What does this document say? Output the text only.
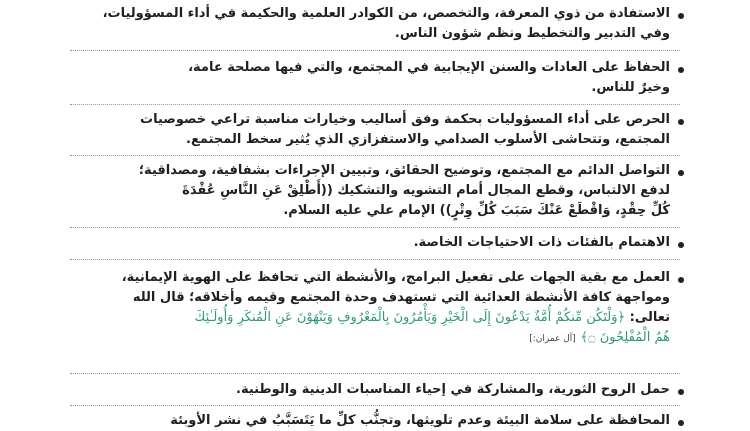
الاستفادة من ذوي المعرفة، والتخصص، من الكوادر العلمية والحكيمة في أداء المسؤوليات،
وفي التدبير والتخطيط ونظم شؤون الناس.
الحفاظ على العادات والسنن الإيجابية في المجتمع، والتي فيها مصلحة عامة،
وخيرٌ للناس.
الحرص على أداء المسؤوليات بحكمة وفق أساليب وخيارات مناسبة تراعي خصوصيات
المجتمع، وتتحاشى الأسلوب الصدامي والاستفزازي الذي يُثير سخط المجتمع.
التواصل الدائم مع المجتمع، وتوضيح الحقائق، وتبيين الإجراءات بشفافية، ومصداقية؛
لدفع الالتباس، وقطع المجال أمام التشويه والتشكيك ((أَطْلِقْ عَنِ النَّاسِ عُقْدَةَ
كُلِّ حِقْدٍ، وَاقْطَعْ عَنْكَ سَبَبَ كُلِّ وِتْرٍ)) الإمام علي عليه السلام.
الاهتمام بالفئات ذات الاحتياجات الخاصة.
العمل مع بقية الجهات على تفعيل البرامج، والأنشطة التي تحافظ على الهوية الإيمانية،
ومواجهة كافة الأنشطة العدائية التي تستهدف وحدة المجتمع وقيمه وأخلاقه؛ قال الله
تعالى: ﴿وَلْتَكُن مِّنكُمْ أُمَّةٌ يَدْعُونَ إِلَى الْخَيْرِ وَيَأْمُرُونَ بِالْمَعْرُوفِ وَيَنْهَوْنَ عَنِ الْمُنكَرِ وَأُولَـٰئِكَ
هُمُ الْمُفْلِحُونَ ۝﴾ [آل عمران:]
حمل الروح الثورية، والمشاركة في إحياء المناسبات الدينية والوطنية.
المحافظة على سلامة البيئة وعدم تلويثها، وتجنُّب كلِّ ما يَتَسَبَّبُ في نشر الأوبئة
